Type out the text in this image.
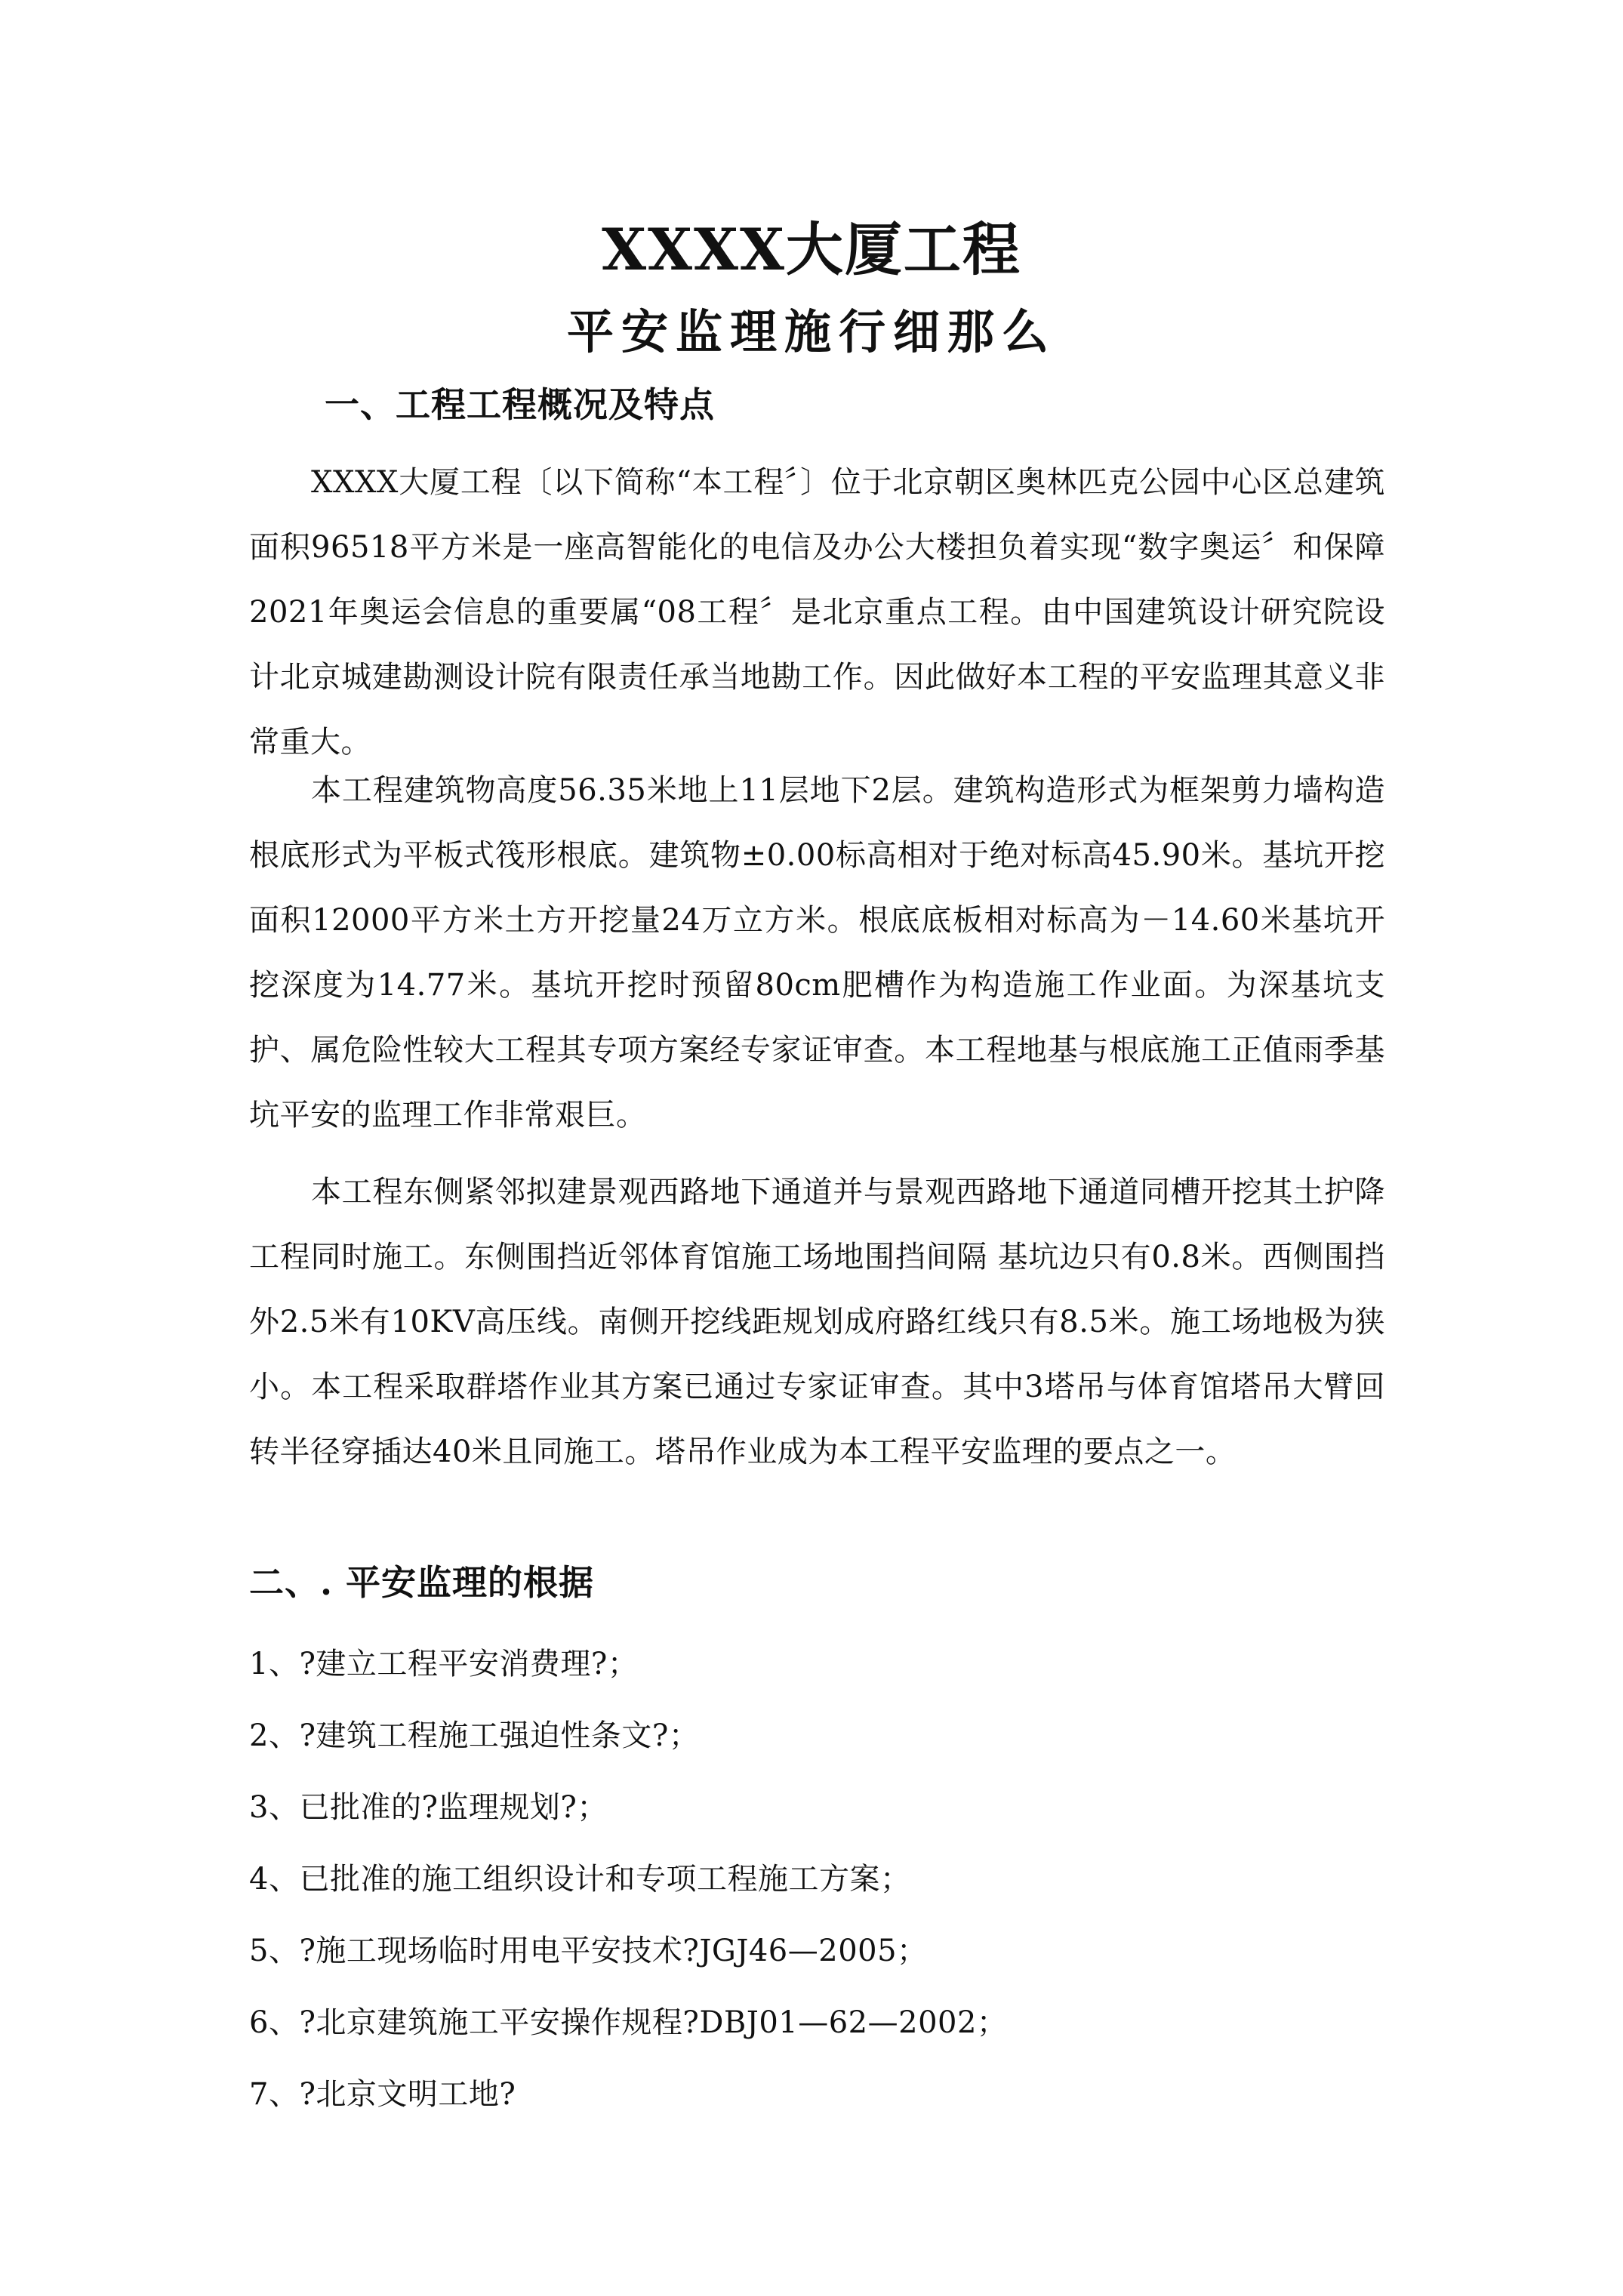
XXXX大厦工程
平安监理施行细那么
一、工程工程概况及特点
XXXX大厦工程〔以下简称“本工程〞〕位于北京朝区奥林匹克公园中心区总建筑面积96518平方米是一座高智能化的电信及办公大楼担负着实现“数字奥运〞和保障2021年奥运会信息的重要属“08工程〞是北京重点工程。由中国建筑设计研究院设计北京城建勘测设计院有限责任承当地勘工作。因此做好本工程的平安监理其意义非常重大。
本工程建筑物高度56.35米地上11层地下2层。建筑构造形式为框架剪力墙构造根底形式为平板式筏形根底。建筑物±0.00标高相对于绝对标高45.90米。基坑开挖面积12000平方米土方开挖量24万立方米。根底底板相对标高为－14.60米基坑开挖深度为14.77米。基坑开挖时预留80cm肥槽作为构造施工作业面。为深基坑支护、属危险性较大工程其专项方案经专家证审查。本工程地基与根底施工正值雨季基坑平安的监理工作非常艰巨。
本工程东侧紧邻拟建景观西路地下通道并与景观西路地下通道同槽开挖其土护降工程同时施工。东侧围挡近邻体育馆施工场地围挡间隔 基坑边只有0.8米。西侧围挡外2.5米有10KV高压线。南侧开挖线距规划成府路红线只有8.5米。施工场地极为狭小。本工程采取群塔作业其方案已通过专家证审查。其中3塔吊与体育馆塔吊大臂回转半径穿插达40米且同施工。塔吊作业成为本工程平安监理的要点之一。
二、. 平安监理的根据
1、?建立工程平安消费理?；
2、?建筑工程施工强迫性条文?；
3、已批准的?监理规划?；
4、已批准的施工组织设计和专项工程施工方案；
5、?施工现场临时用电平安技术?JGJ46—2005；
6、?北京建筑施工平安操作规程?DBJ01—62—2002；
7、?北京文明工地?
